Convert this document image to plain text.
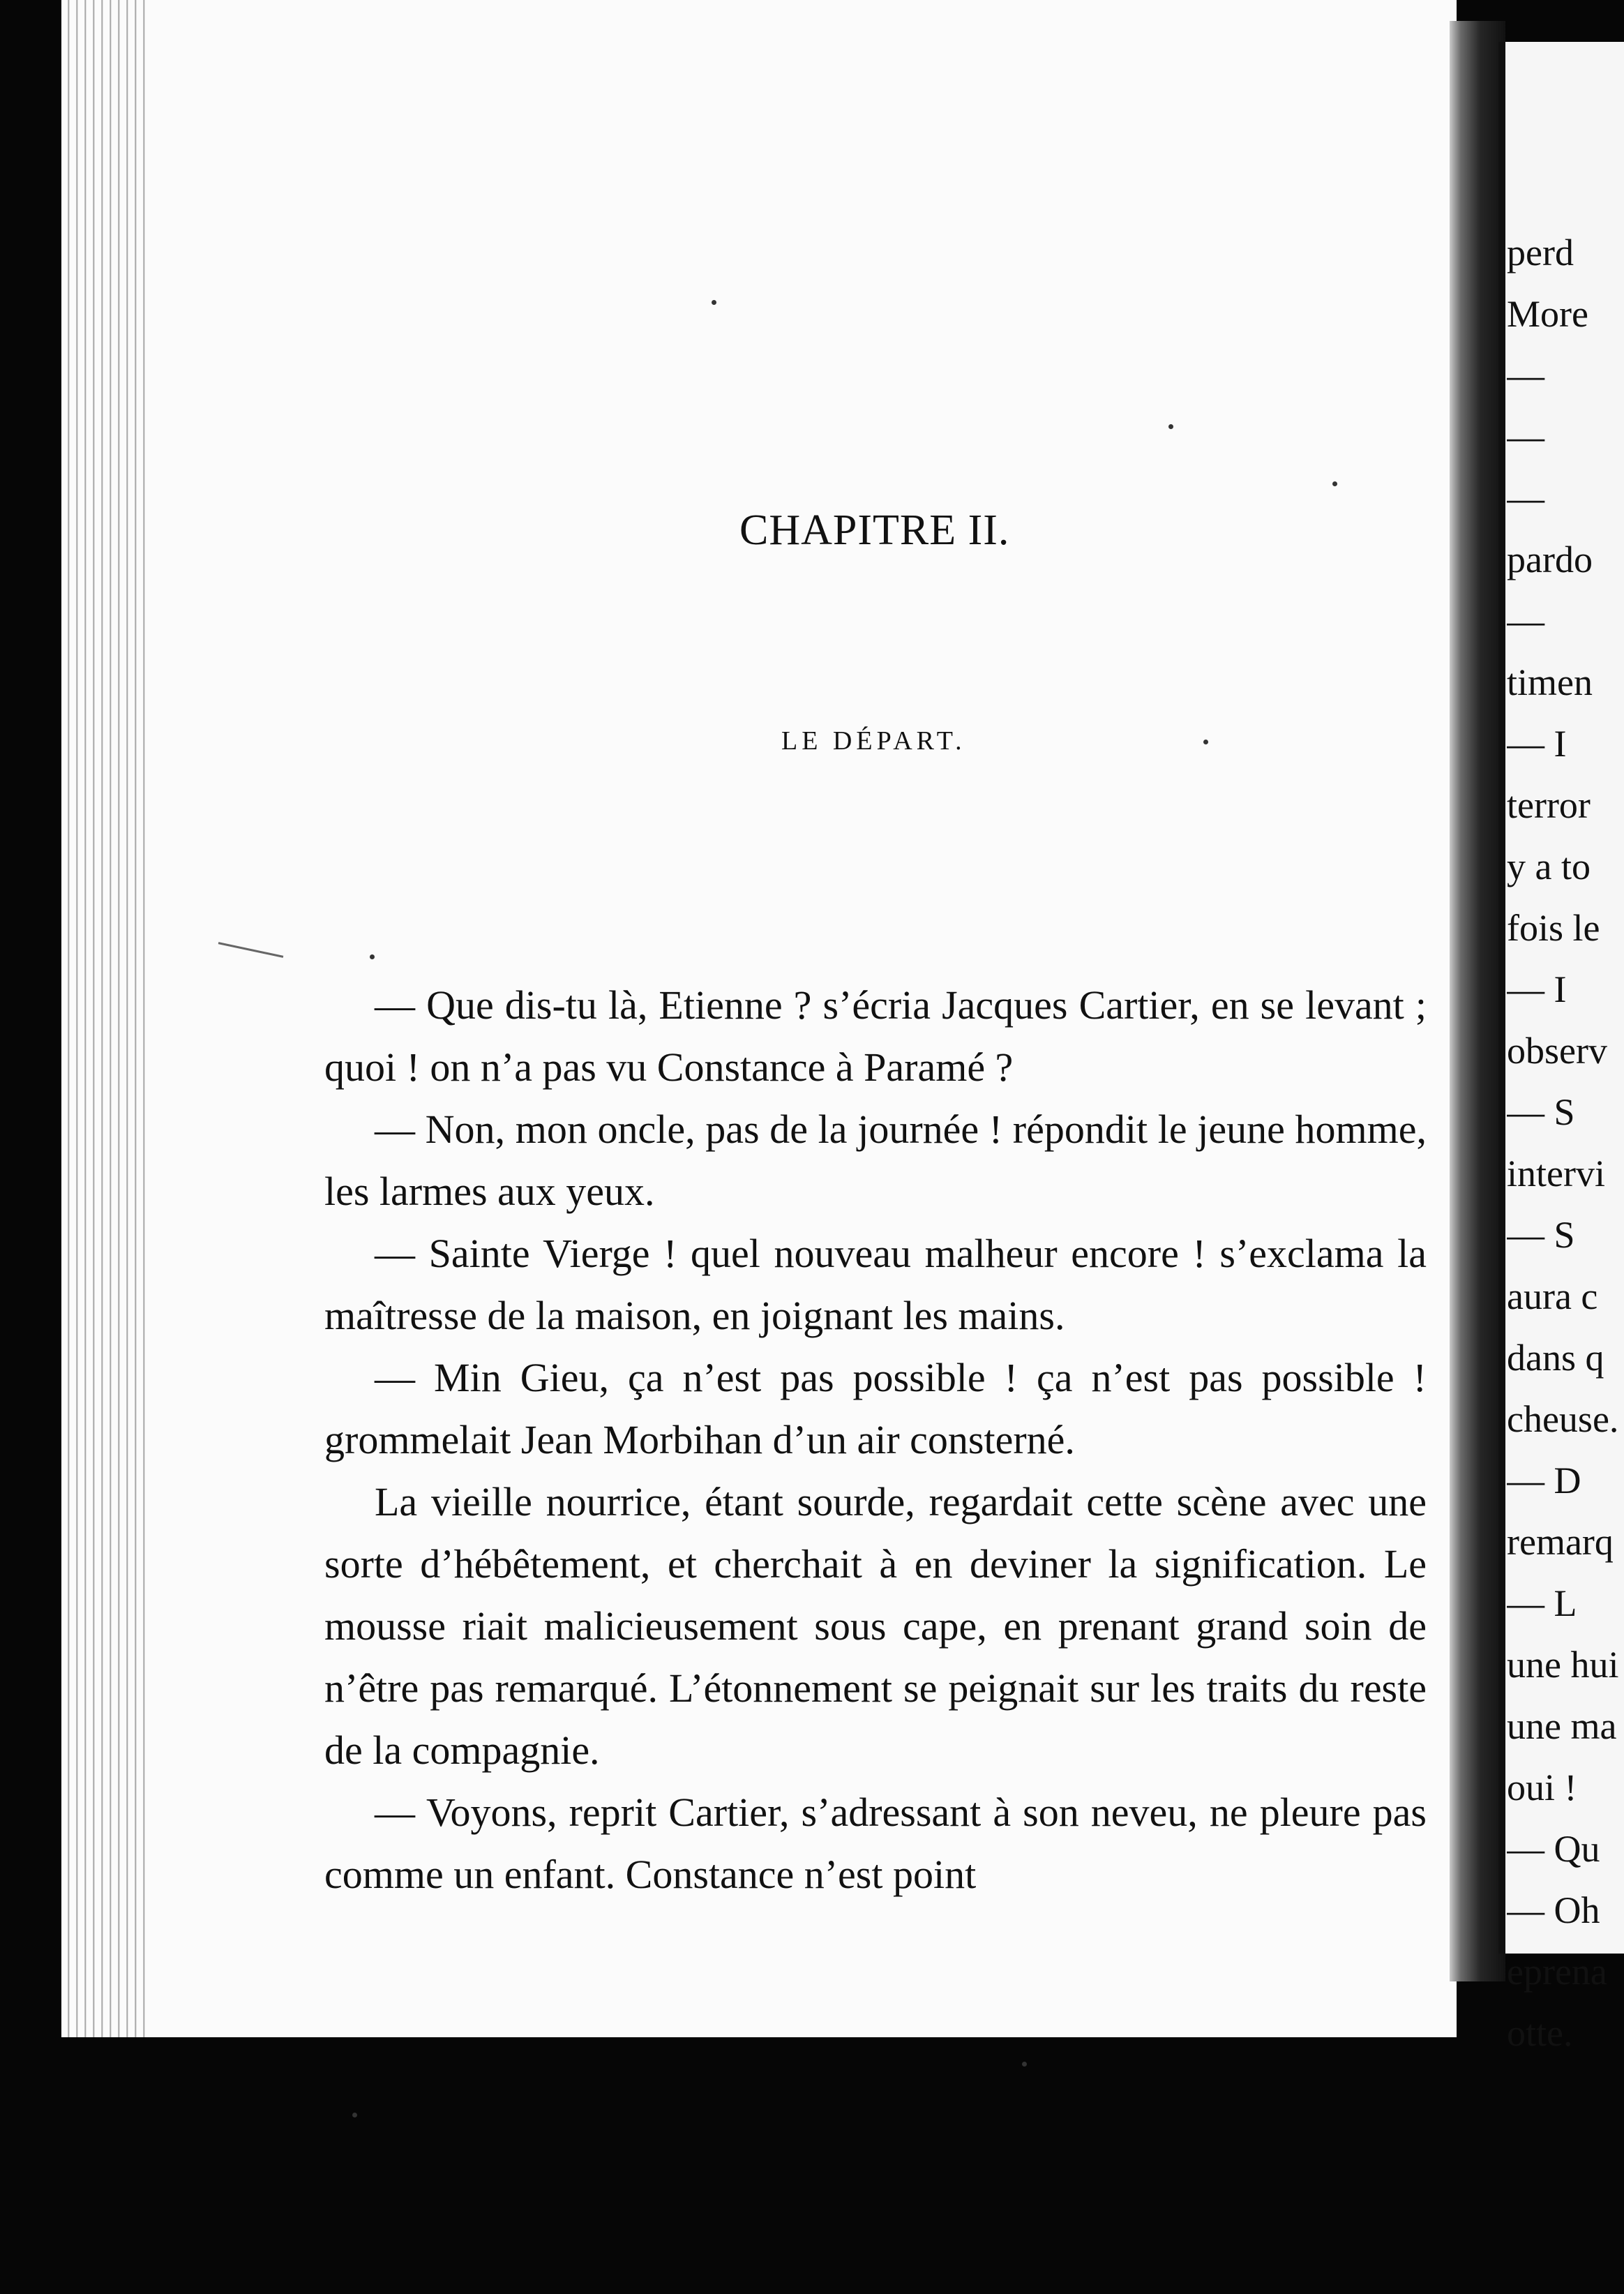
CHAPITRE II.
LE DÉPART.

— Que dis-tu là, Etienne ? s’écria Jacques Cartier, en se levant ; quoi ! on n’a pas vu Constance à Paramé ?

— Non, mon oncle, pas de la journée ! répondit le jeune homme, les larmes aux yeux.

— Sainte Vierge ! quel nouveau malheur encore ! s’exclama la maîtresse de la maison, en joignant les mains.

— Min Gieu, ça n’est pas possible ! ça n’est pas possible ! grommelait Jean Morbihan d’un air consterné.

La vieille nourrice, étant sourde, regardait cette scène avec une sorte d’hébêtement, et cherchait à en deviner la signification. Le mousse riait malicieusement sous cape, en prenant grand soin de n’être pas remarqué. L’étonnement se peignait sur les traits du reste de la compagnie.

— Voyons, reprit Cartier, s’adressant à son neveu, ne pleure pas comme un enfant. Constance n’est point

perd
More
—
—
—
pardo
—
timen
— I
terror
y a to
fois le
— I
observ
— S
intervi
— S
aura c
dans q
cheuse.
— D
remarq
— L
une hui
une ma
oui !
— Qu
— Oh
eprena
otte.
